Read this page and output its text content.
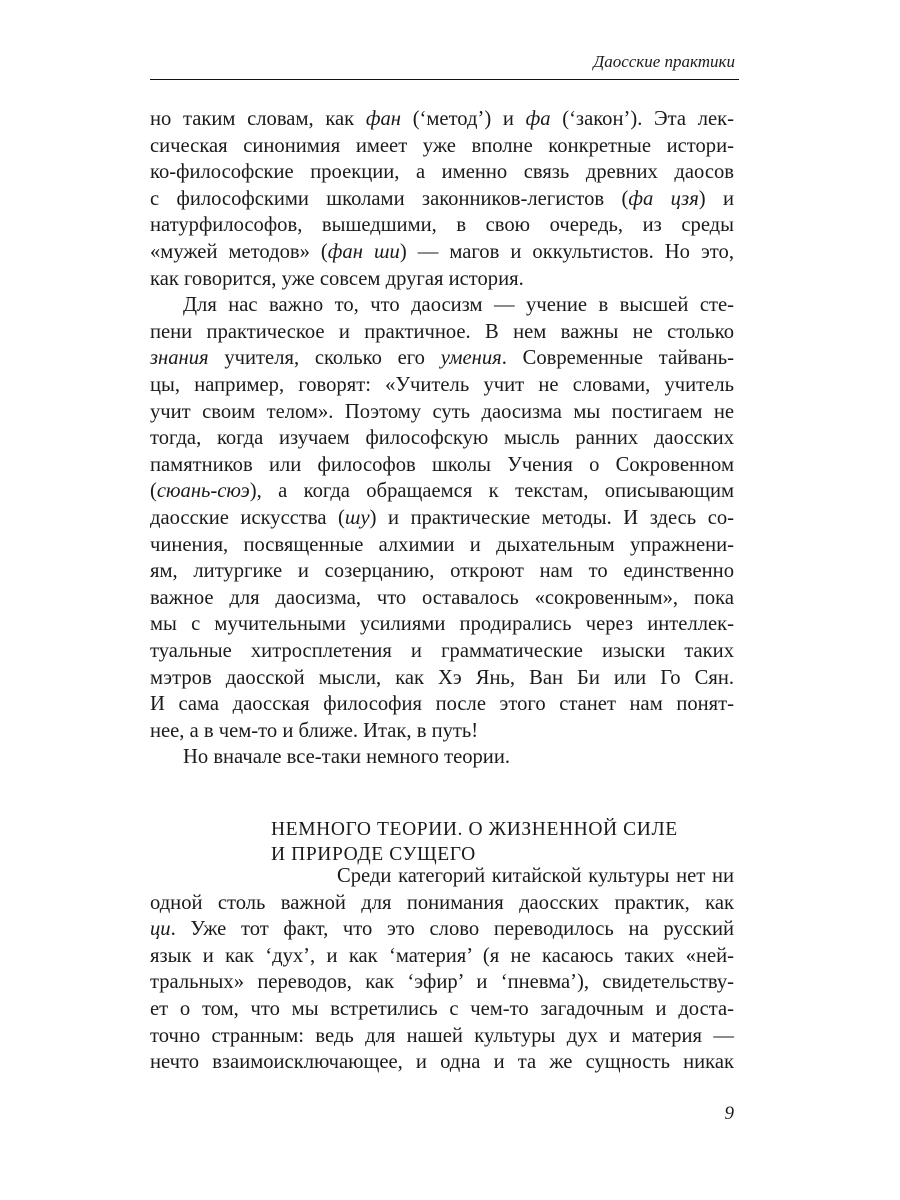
Даосские практики
но таким словам, как фан (‘метод’) и фа (‘закон’). Эта лек-
сическая синонимия имеет уже вполне конкретные истори-
ко-философские проекции, а именно связь древних даосов
с философскими школами законников-легистов (фа цзя) и
натурфилософов, вышедшими, в свою очередь, из среды
«мужей методов» (фан ши) — магов и оккультистов. Но это,
как говорится, уже совсем другая история.
Для нас важно то, что даосизм — учение в высшей сте-
пени практическое и практичное. В нем важны не столько
знания учителя, сколько его умения. Современные тайвань-
цы, например, говорят: «Учитель учит не словами, учитель
учит своим телом». Поэтому суть даосизма мы постигаем не
тогда, когда изучаем философскую мысль ранних даосских
памятников или философов школы Учения о Сокровенном
(сюань-сюэ), а когда обращаемся к текстам, описывающим
даосские искусства (шу) и практические методы. И здесь со-
чинения, посвященные алхимии и дыхательным упражнени-
ям, литургике и созерцанию, откроют нам то единственно
важное для даосизма, что оставалось «сокровенным», пока
мы с мучительными усилиями продирались через интеллек-
туальные хитросплетения и грамматические изыски таких
мэтров даосской мысли, как Хэ Янь, Ван Би или Го Сян.
И сама даосская философия после этого станет нам понят-
нее, а в чем-то и ближе. Итак, в путь!
Но вначале все-таки немного теории.
Среди категорий китайской культуры нет ни
одной столь важной для понимания даосских практик, как
ци. Уже тот факт, что это слово переводилось на русский
язык и как ‘дух’, и как ‘материя’ (я не касаюсь таких «ней-
тральных» переводов, как ‘эфир’ и ‘пневма’), свидетельству-
ет о том, что мы встретились с чем-то загадочным и доста-
точно странным: ведь для нашей культуры дух и материя —
нечто взаимоисключающее, и одна и та же сущность никак
НЕМНОГО ТЕОРИИ. О ЖИЗНЕННОЙ СИЛЕ
И ПРИРОДЕ СУЩЕГО
9
